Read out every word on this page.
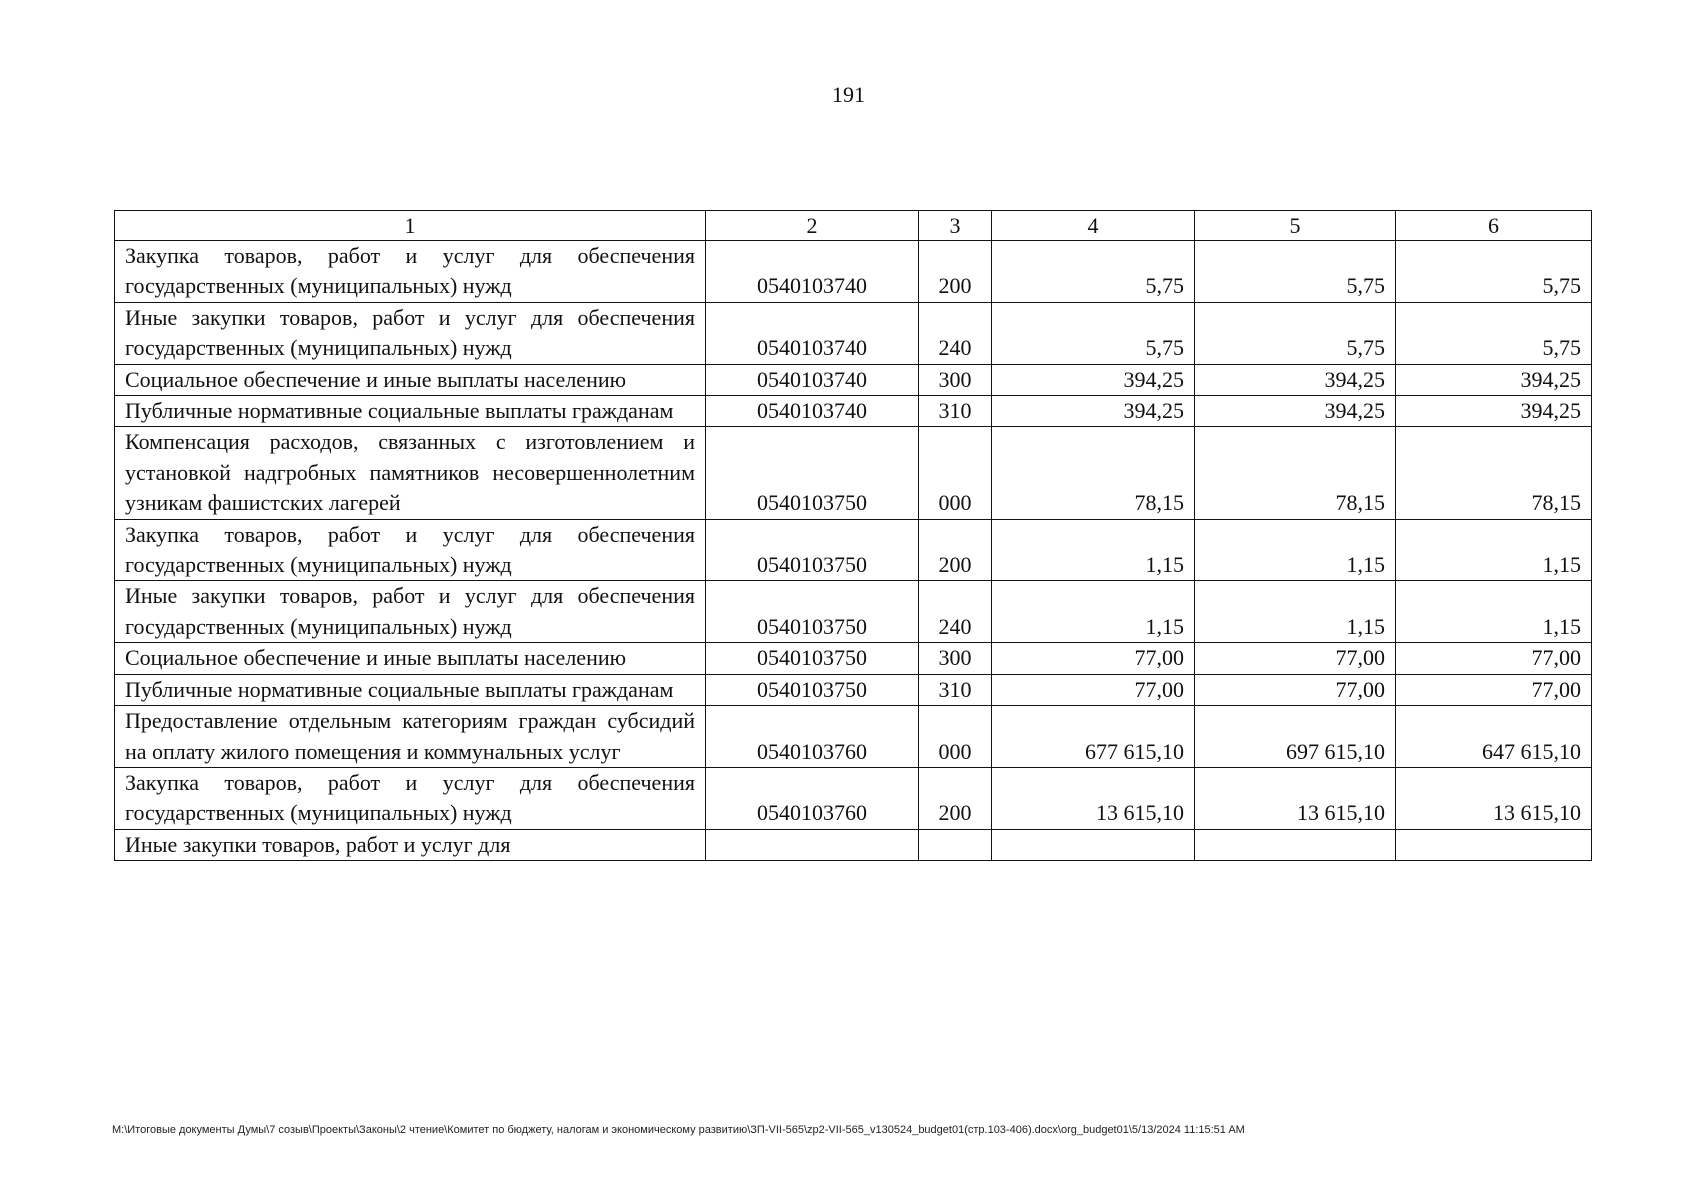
191
1	2	3	4	5	6
Закупка товаров, работ и услуг для обеспечения государственных (муниципальных) нужд	0540103740	200	5,75	5,75	5,75
Иные закупки товаров, работ и услуг для обеспечения государственных (муниципальных) нужд	0540103740	240	5,75	5,75	5,75
Социальное обеспечение и иные выплаты населению	0540103740	300	394,25	394,25	394,25
Публичные нормативные социальные выплаты гражданам	0540103740	310	394,25	394,25	394,25
Компенсация расходов, связанных с изготовлением и установкой надгробных памятников несовершеннолетним узникам фашистских лагерей	0540103750	000	78,15	78,15	78,15
Закупка товаров, работ и услуг для обеспечения государственных (муниципальных) нужд	0540103750	200	1,15	1,15	1,15
Иные закупки товаров, работ и услуг для обеспечения государственных (муниципальных) нужд	0540103750	240	1,15	1,15	1,15
Социальное обеспечение и иные выплаты населению	0540103750	300	77,00	77,00	77,00
Публичные нормативные социальные выплаты гражданам	0540103750	310	77,00	77,00	77,00
Предоставление отдельным категориям граждан субсидий на оплату жилого помещения и коммунальных услуг	0540103760	000	677 615,10	697 615,10	647 615,10
Закупка товаров, работ и услуг для обеспечения государственных (муниципальных) нужд	0540103760	200	13 615,10	13 615,10	13 615,10
Иные закупки товаров, работ и услуг для					
M:\Итоговые документы Думы\7 созыв\Проекты\Законы\2 чтение\Комитет по бюджету, налогам и экономическому развитию\ЗП-VII-565\zp2-VII-565_v130524_budget01(стр.103-406).docx\org_budget01\5/13/2024 11:15:51 AM
